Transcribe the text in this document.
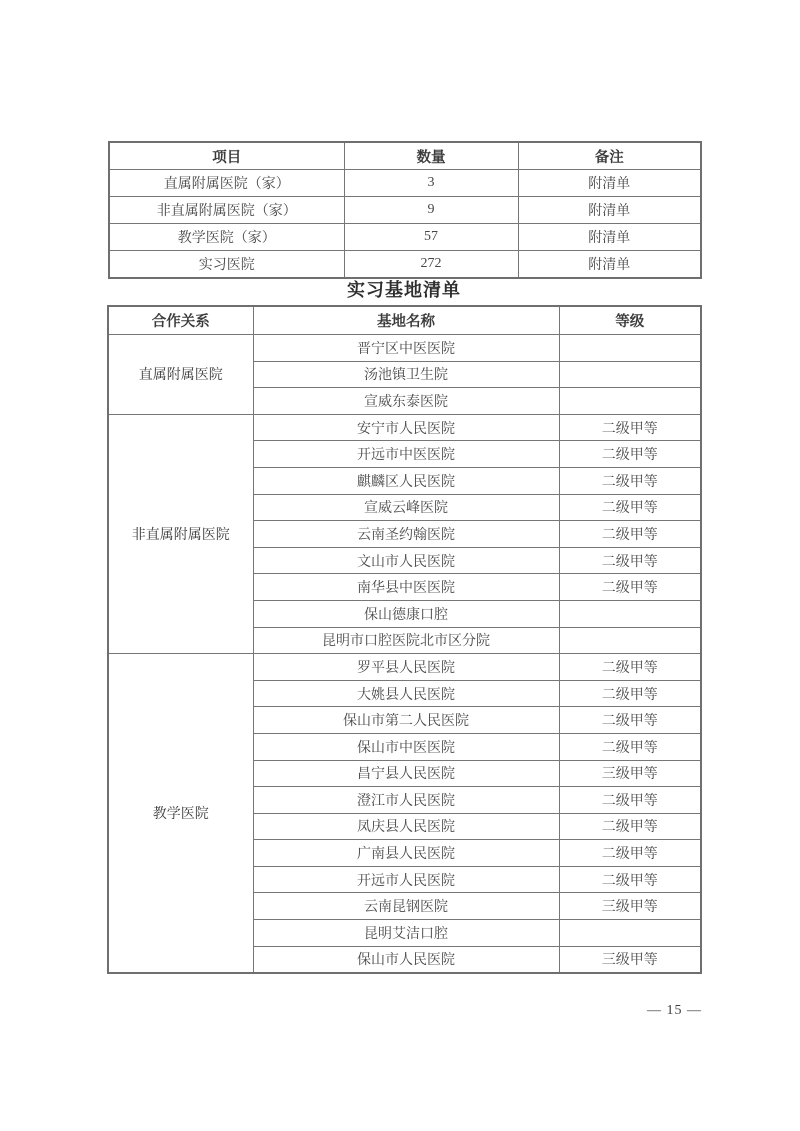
项目	数量	备注
直属附属医院（家）	3	附清单
非直属附属医院（家）	9	附清单
教学医院（家）	57	附清单
实习医院	272	附清单
实习基地清单
合作关系	基地名称	等级
直属附属医院	晋宁区中医医院	
	汤池镇卫生院	
	宣威东泰医院	
非直属附属医院	安宁市人民医院	二级甲等
	开远市中医医院	二级甲等
	麒麟区人民医院	二级甲等
	宣威云峰医院	二级甲等
	云南圣约翰医院	二级甲等
	文山市人民医院	二级甲等
	南华县中医医院	二级甲等
	保山德康口腔	
	昆明市口腔医院北市区分院	
教学医院	罗平县人民医院	二级甲等
	大姚县人民医院	二级甲等
	保山市第二人民医院	二级甲等
	保山市中医医院	二级甲等
	昌宁县人民医院	三级甲等
	澄江市人民医院	二级甲等
	凤庆县人民医院	二级甲等
	广南县人民医院	二级甲等
	开远市人民医院	二级甲等
	云南昆钢医院	三级甲等
	昆明艾洁口腔	
	保山市人民医院	三级甲等
— 15 —
